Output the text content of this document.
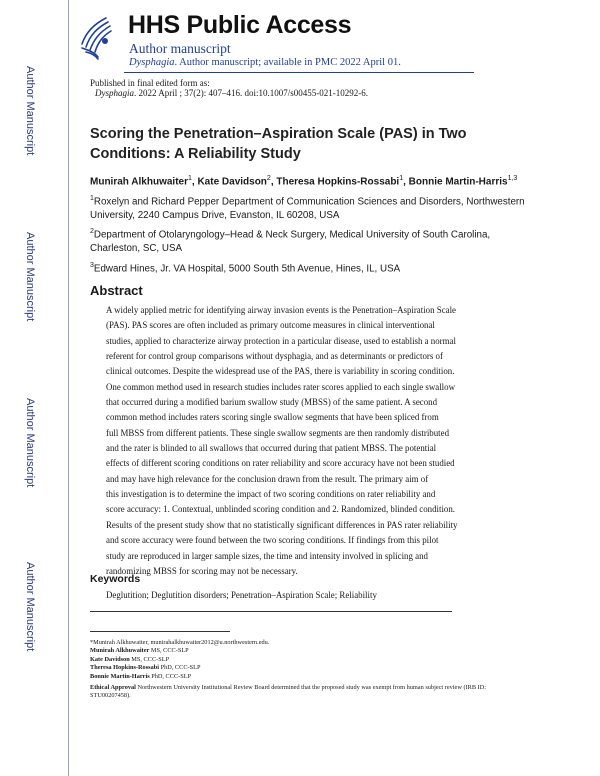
HHS Public Access
Author manuscript
Dysphagia. Author manuscript; available in PMC 2022 April 01.
Author Manuscript
Author Manuscript
Author Manuscript
Author Manuscript
Published in final edited form as:
Dysphagia. 2022 April ; 37(2): 407–416. doi:10.1007/s00455-021-10292-6.
Scoring the Penetration–Aspiration Scale (PAS) in Two Conditions: A Reliability Study
Munirah Alkhuwaiter$^1$, Kate Davidson$^2$, Theresa Hopkins-Rossabi$^1$, Bonnie Martin-Harris$^{1,3}$
$^1$Roxelyn and Richard Pepper Department of Communication Sciences and Disorders, Northwestern University, 2240 Campus Drive, Evanston, IL 60208, USA
$^2$Department of Otolaryngology–Head & Neck Surgery, Medical University of South Carolina, Charleston, SC, USA
$^3$Edward Hines, Jr. VA Hospital, 5000 South 5th Avenue, Hines, IL, USA
Abstract
A widely applied metric for identifying airway invasion events is the Penetration–Aspiration Scale
(PAS). PAS scores are often included as primary outcome measures in clinical interventional
studies, applied to characterize airway protection in a particular disease, used to establish a normal
referent for control group comparisons without dysphagia, and as determinants or predictors of
clinical outcomes. Despite the widespread use of the PAS, there is variability in scoring condition.
One common method used in research studies includes rater scores applied to each single swallow
that occurred during a modified barium swallow study (MBSS) of the same patient. A second
common method includes raters scoring single swallow segments that have been spliced from
full MBSS from different patients. These single swallow segments are then randomly distributed
and the rater is blinded to all swallows that occurred during that patient MBSS. The potential
effects of different scoring conditions on rater reliability and score accuracy have not been studied
and may have high relevance for the conclusion drawn from the result. The primary aim of
this investigation is to determine the impact of two scoring conditions on rater reliability and
score accuracy: 1. Contextual, unblinded scoring condition and 2. Randomized, blinded condition.
Results of the present study show that no statistically significant differences in PAS rater reliability
and score accuracy were found between the two scoring conditions. If findings from this pilot
study are reproduced in larger sample sizes, the time and intensity involved in splicing and
randomizing MBSS for scoring may not be necessary.
Keywords
Deglutition; Deglutition disorders; Penetration–Aspiration Scale; Reliability
*Munirah Alkhuwaiter, munirahalkhuwaiter2012@u.northwestern.edu.
Munirah Alkhuwaiter MS, CCC-SLP
Kate Davidson MS, CCC-SLP
Theresa Hopkins-Rossabi PhD, CCC-SLP
Bonnie Martin-Harris PhD, CCC-SLP
Ethical Approval Northwestern University Institutional Review Board determined that the proposed study was exempt from human subject review (IRB ID: STU00207458).
